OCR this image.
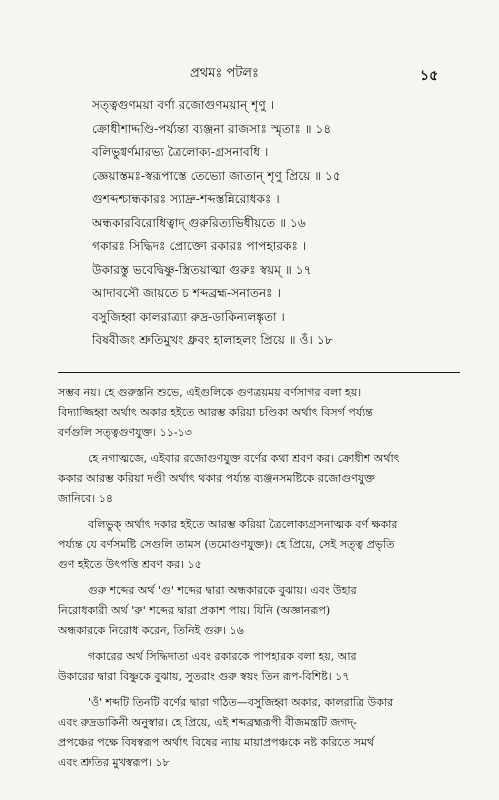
প্রথমঃ পটলঃ	১৫
সত্ত্বগুণময়া বর্ণা রজোগুণময়ান্ শৃণু ।
ক্রোধীশাদ্দণ্ডি-পর্য্যন্তা ব্যঞ্জনা রাজসাঃ স্মৃতাঃ ॥ ১৪
বলিভুগ্বর্ণমারভ্য ত্রৈলোক্য-গ্রসনাবধি ।
জ্ঞেয়াস্তমঃ-স্বরূপাস্তে তেভ্যো জাতান্ শৃণু প্রিয়ে ॥ ১৫
গুশব্দশ্চান্ধকারঃ স্যাদ্রু-শব্দস্তন্নিরোধকঃ ।
অন্ধকারবিরোধিত্বাদ্ গুরুরিত্যভিধীয়তে ॥ ১৬
গকারঃ সিদ্ধিদঃ প্রোক্তো রকারঃ পাপহারকঃ ।
উকারস্তু ভবেদ্বিষ্ণু-স্ত্রিতয়াত্মা গুরুঃ স্বয়ম্ ॥ ১৭
আদাবসৌ জায়তে চ শব্দব্রহ্ম-সনাতনঃ ।
বসুজিহ্বা কালরাত্র্যা রুদ্র-ডাকিন্যলঙ্কৃতা ।
বিষবীজং শ্রুতিমুখং ধ্রুবং হালাহলং প্রিয়ে ॥ ওঁ। ১৮
সম্ভব নয়। হে গুরুস্তনি শুভে, এইগুলিকে গুণত্রয়ময় বর্ণসাগর বলা হয়।
বিদ্যাজ্জিহ্বা অর্থাৎ অকার হইতে আরম্ভ করিয়া চণ্ডিকা অর্থাৎ বিসর্গ পর্য্যন্ত
বর্ণগুলি সত্ত্বগুণযুক্ত। ১১-১৩
হে নগাত্মজে, এইবার রজোগুণযুক্ত বর্ণের কথা শ্রবণ কর। ক্রোধীশ অর্থাৎ
ককার আরম্ভ করিয়া দণ্ডী অর্থাৎ থকার পর্য্যন্ত ব্যঞ্জনসমষ্টিকে রজোগুণযুক্ত
জানিবে। ১৪
বলিভুক্ অর্থাৎ দকার হইতে আরম্ভ করিয়া ত্রৈলোক্যগ্রসনাত্মক বর্ণ ক্ষকার
পর্য্যন্ত যে বর্ণসমষ্টি সেগুলি তামস (তমোগুণযুক্ত)। হে প্রিয়ে, সেই সত্ত্ব প্রভৃতি
গুণ হইতে উৎপত্তি শ্রবণ কর। ১৫
গুরু শব্দের অর্থ 'গু' শব্দের দ্বারা অন্ধকারকে বুঝায়। এবং উহার
নিরোধকারী অর্থ 'রু' শব্দের দ্বারা প্রকাশ পায়। যিনি (অজ্ঞানরূপ)
অন্ধকারকে নিরোধ করেন, তিনিই গুরু। ১৬
গকারের অর্থ সিদ্ধিদাতা এবং রকারকে পাপহারক বলা হয়, আর
উকারের দ্বারা বিষ্ণুকে বুঝায়, সুতরাং গুরু স্বয়ং তিন রূপ-বিশিষ্ট। ১৭
'ওঁ' শব্দটি তিনটি বর্ণের দ্বারা গঠিত—বসুজিহ্বা অকার, কালরাত্রি উকার
এবং রুদ্রডাকিনী অনুস্বার। হে প্রিয়ে, এই শব্দব্রহ্মরূপী বীজমন্ত্রটি জগদ্-
প্রপঞ্চের পক্ষে বিষস্বরূপ অর্থাৎ বিষের ন্যায় মায়াপ্রপঞ্চকে নষ্ট করিতে সমর্থ
এবং শ্রুতির মুখস্বরূপ। ১৮
